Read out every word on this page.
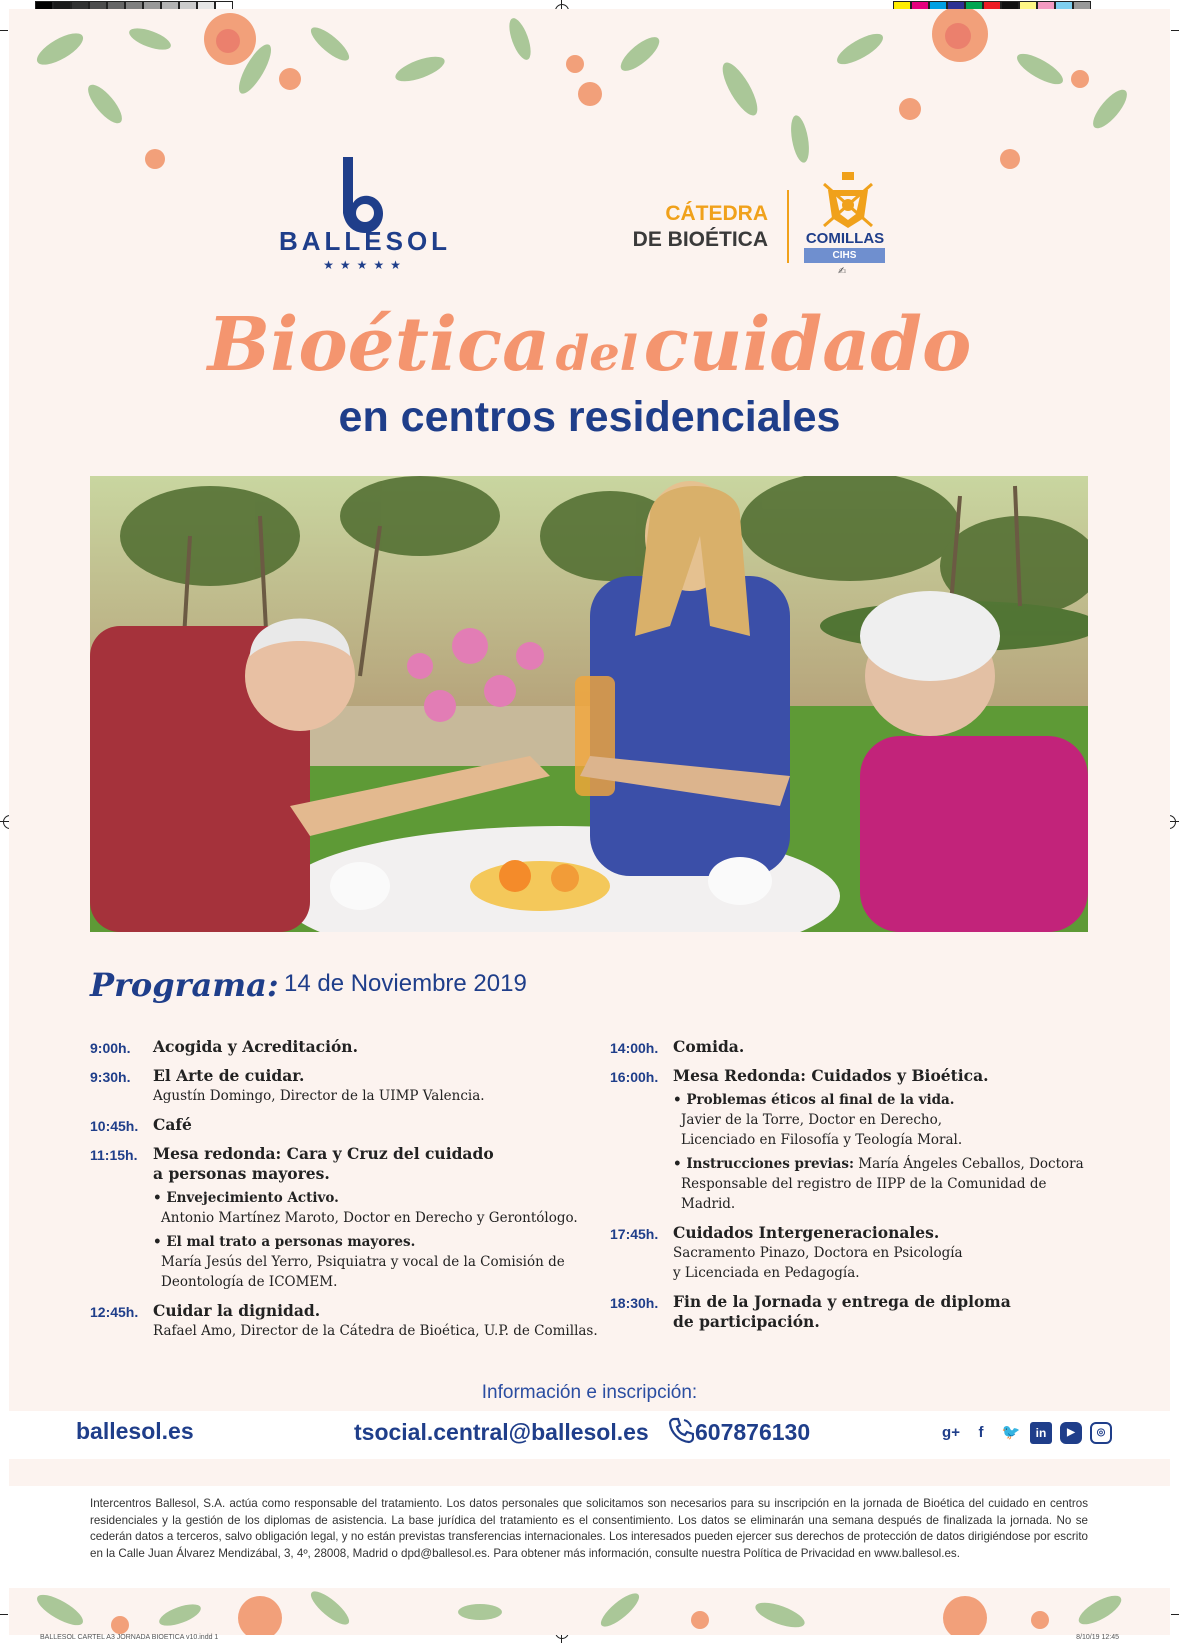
BALLESOL
★★★★★
CÁTEDRA
DE BIOÉTICA	COMILLAS
CIHS
✍
Bioética del cuidado
en centros residenciales
Programa: 14 de Noviembre 2019
9:00h. Acogida y Acreditación.
9:30h. El Arte de cuidar.
Agustín Domingo, Director de la UIMP Valencia.
10:45h. Café
11:15h. Mesa redonda: Cara y Cruz del cuidado
a personas mayores.
• Envejecimiento Activo.
Antonio Martínez Maroto, Doctor en Derecho y Gerontólogo.
• El mal trato a personas mayores.
María Jesús del Yerro, Psiquiatra y vocal de la Comisión de
Deontología de ICOMEM.
12:45h. Cuidar la dignidad.
Rafael Amo, Director de la Cátedra de Bioética, U.P. de Comillas.
14:00h. Comida.
16:00h. Mesa Redonda: Cuidados y Bioética.
• Problemas éticos al final de la vida.
Javier de la Torre, Doctor en Derecho,
Licenciado en Filosofía y Teología Moral.
• Instrucciones previas: María Ángeles Ceballos, Doctora
Responsable del registro de IIPP de la Comunidad de
Madrid.
17:45h. Cuidados Intergeneracionales.
Sacramento Pinazo, Doctora en Psicología
y Licenciada en Pedagogía.
18:30h. Fin de la Jornada y entrega de diploma
de participación.
Información e inscripción:
ballesol.es	tsocial.central@ballesol.es 607876130	g+	f	🐦	in	▶	◎
Intercentros Ballesol, S.A. actúa como responsable del tratamiento. Los datos personales que solicitamos son necesarios para su inscripción en la jornada de Bioética del cuidado en centros residenciales y la gestión de los diplomas de asistencia. La base jurídica del tratamiento es el consentimiento. Los datos se eliminarán una semana después de finalizada la jornada. No se cederán datos a terceros, salvo obligación legal, y no están previstas transferencias internacionales. Los interesados pueden ejercer sus derechos de protección de datos dirigiéndose por escrito en la Calle Juan Álvarez Mendizábal, 3, 4º, 28008, Madrid o dpd@ballesol.es. Para obtener más información, consulte nuestra Política de Privacidad en www.ballesol.es.
BALLESOL CARTEL A3 JORNADA BIOETICA v10.indd 1	8/10/19 12:45
